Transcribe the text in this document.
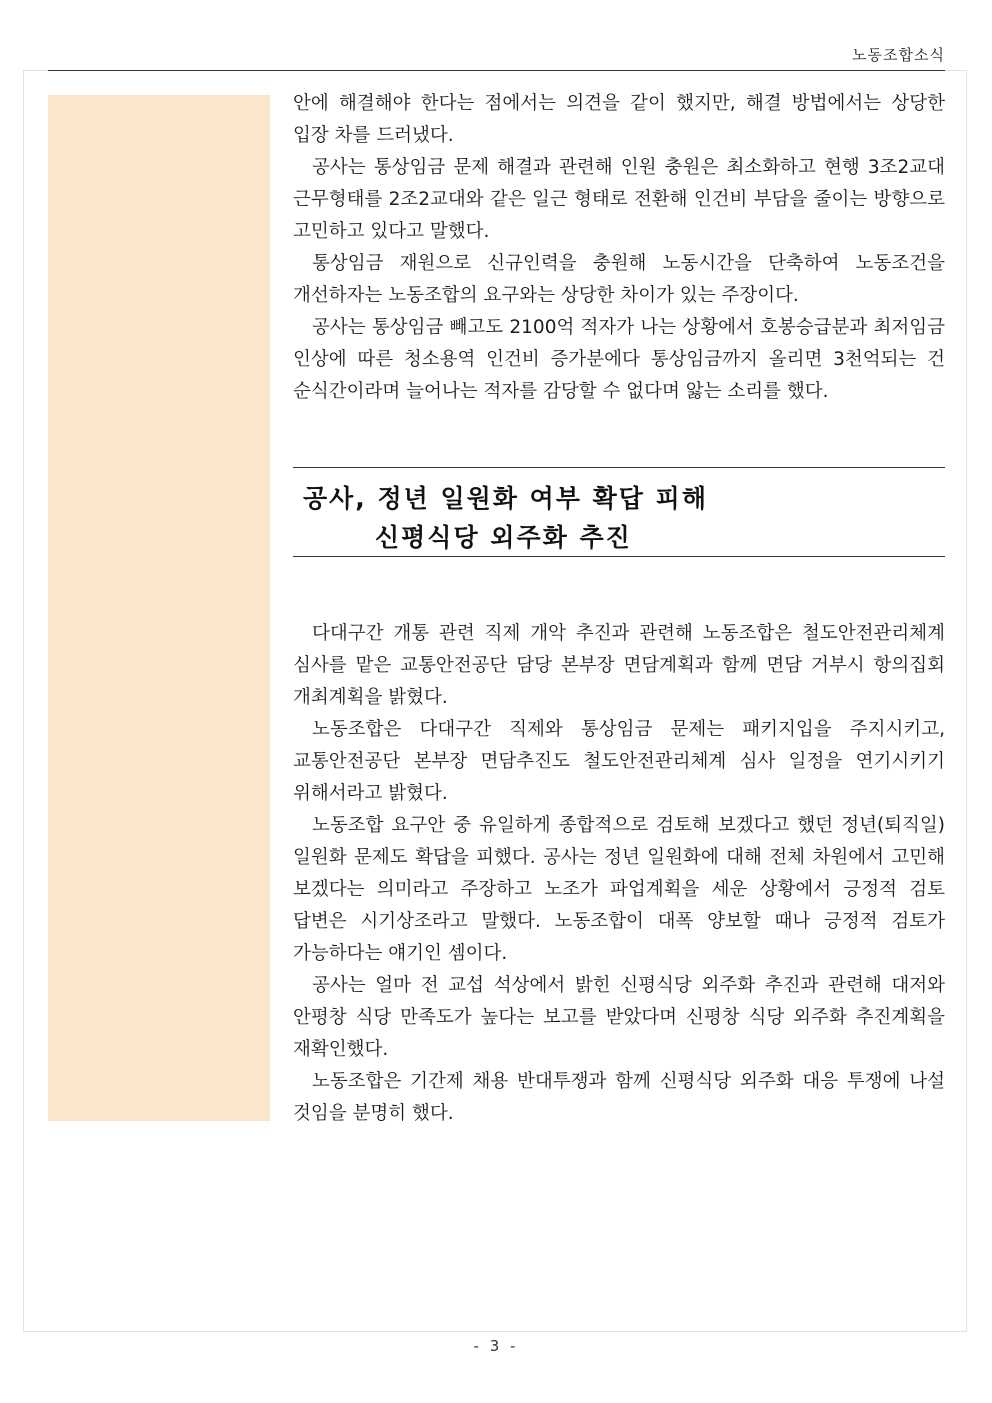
노동조합소식

안에 해결해야 한다는 점에서는 의견을 같이 했지만, 해결 방법에서는 상당한 입장 차를 드러냈다.

공사는 통상임금 문제 해결과 관련해 인원 충원은 최소화하고 현행 3조2교대 근무형태를 2조2교대와 같은 일근 형태로 전환해 인건비 부담을 줄이는 방향으로 고민하고 있다고 말했다.

통상임금 재원으로 신규인력을 충원해 노동시간을 단축하여 노동조건을 개선하자는 노동조합의 요구와는 상당한 차이가 있는 주장이다.

공사는 통상임금 빼고도 2100억 적자가 나는 상황에서 호봉승급분과 최저임금 인상에 따른 청소용역 인건비 증가분에다 통상임금까지 올리면 3천억되는 건 순식간이라며 늘어나는 적자를 감당할 수 없다며 앓는 소리를 했다.

공사, 정년 일원화 여부 확답 피해
신평식당 외주화 추진

다대구간 개통 관련 직제 개악 추진과 관련해 노동조합은 철도안전관리체계 심사를 맡은 교통안전공단 담당 본부장 면담계획과 함께 면담 거부시 항의집회 개최계획을 밝혔다.

노동조합은 다대구간 직제와 통상임금 문제는 패키지입을 주지시키고, 교통안전공단 본부장 면담추진도 철도안전관리체계 심사 일정을 연기시키기 위해서라고 밝혔다.

노동조합 요구안 중 유일하게 종합적으로 검토해 보겠다고 했던 정년(퇴직일) 일원화 문제도 확답을 피했다. 공사는 정년 일원화에 대해 전체 차원에서 고민해 보겠다는 의미라고 주장하고 노조가 파업계획을 세운 상황에서 긍정적 검토 답변은 시기상조라고 말했다. 노동조합이 대폭 양보할 때나 긍정적 검토가 가능하다는 얘기인 셈이다.

공사는 얼마 전 교섭 석상에서 밝힌 신평식당 외주화 추진과 관련해 대저와 안평창 식당 만족도가 높다는 보고를 받았다며 신평창 식당 외주화 추진계획을 재확인했다.

노동조합은 기간제 채용 반대투쟁과 함께 신평식당 외주화 대응 투쟁에 나설 것임을 분명히 했다.

- 3 -
